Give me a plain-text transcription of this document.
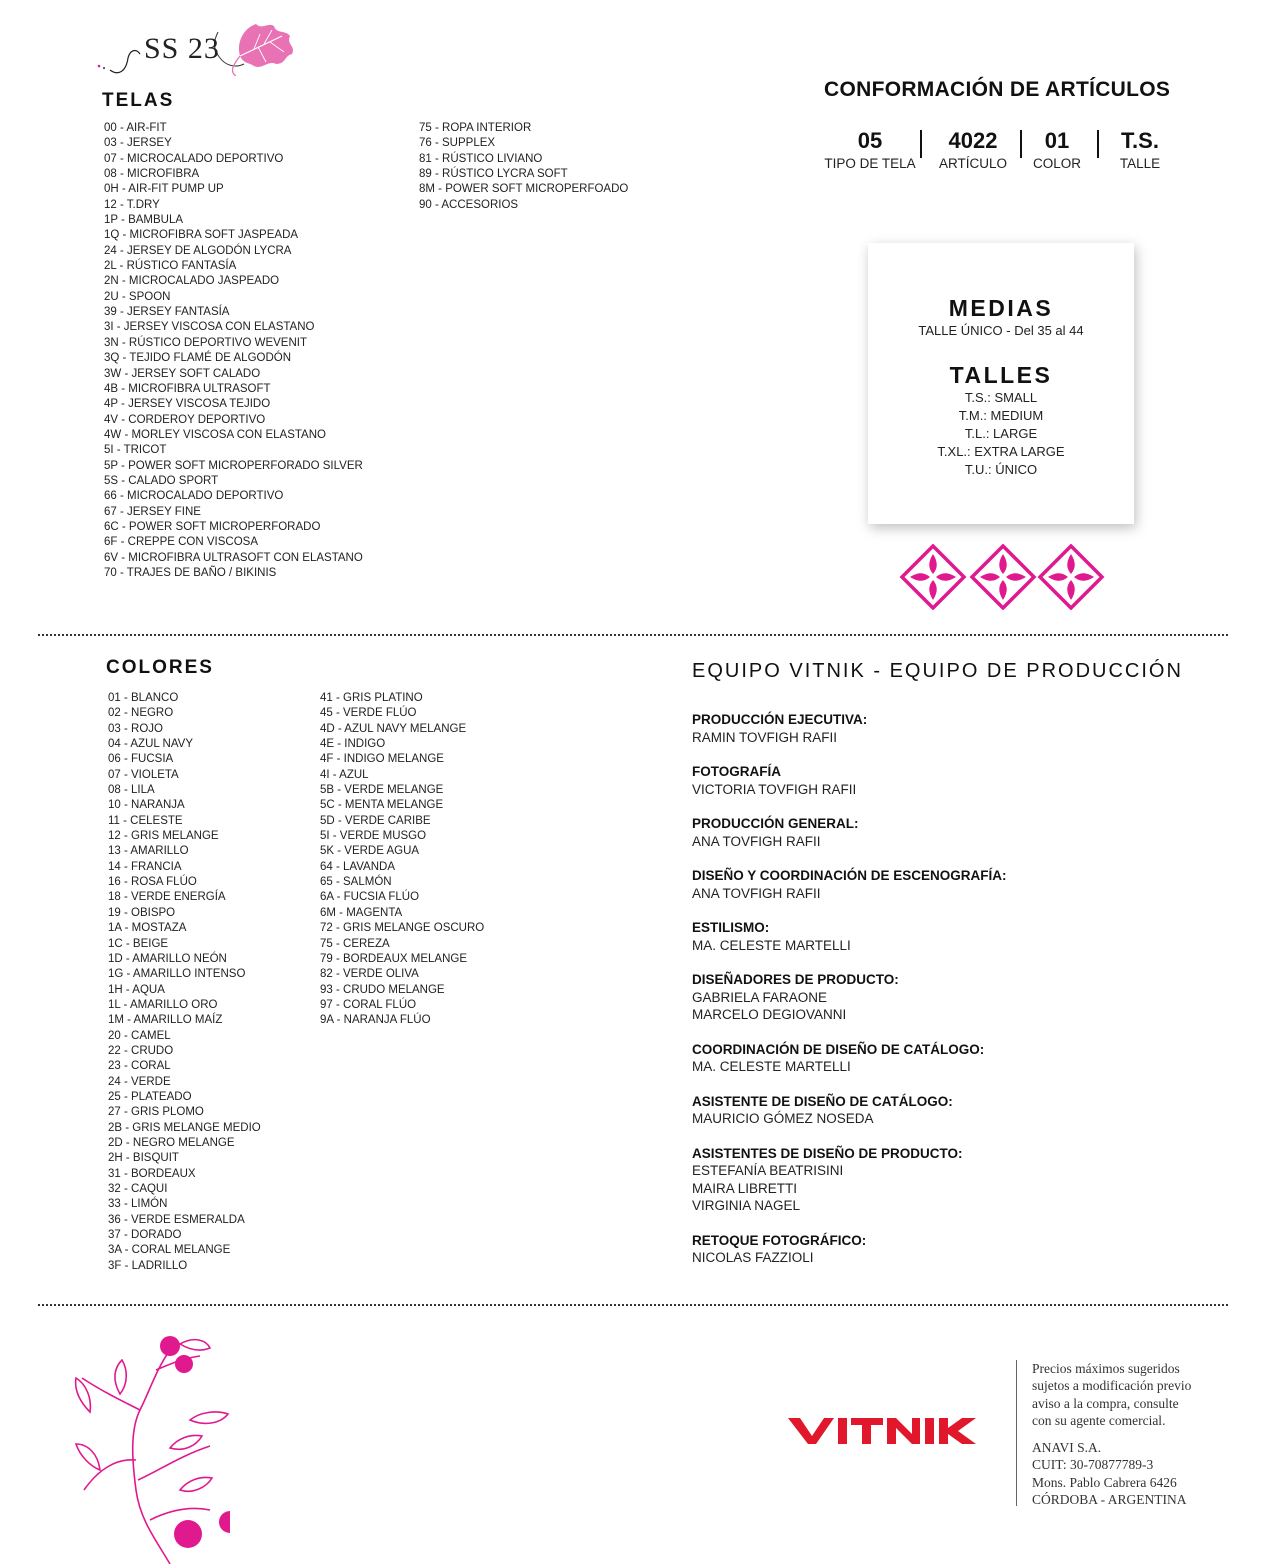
SS 23
TELAS
00 - AIR-FIT
03 - JERSEY
07 - MICROCALADO DEPORTIVO
08 - MICROFIBRA
0H - AIR-FIT PUMP UP
12 - T.DRY
1P - BAMBULA
1Q - MICROFIBRA SOFT JASPEADA
24 - JERSEY DE ALGODÓN LYCRA
2L - RÚSTICO FANTASÍA
2N - MICROCALADO JASPEADO
2U - SPOON
39 - JERSEY FANTASÍA
3I - JERSEY VISCOSA CON ELASTANO
3N - RÚSTICO DEPORTIVO WEVENIT
3Q - TEJIDO FLAMÉ DE ALGODÓN
3W - JERSEY SOFT CALADO
4B - MICROFIBRA ULTRASOFT
4P - JERSEY VISCOSA TEJIDO
4V - CORDEROY DEPORTIVO
4W - MORLEY VISCOSA CON ELASTANO
5I - TRICOT
5P - POWER SOFT MICROPERFORADO SILVER
5S - CALADO SPORT
66 - MICROCALADO DEPORTIVO
67 - JERSEY FINE
6C - POWER SOFT MICROPERFORADO
6F - CREPPE CON VISCOSA
6V - MICROFIBRA ULTRASOFT CON ELASTANO
70 - TRAJES DE BAÑO / BIKINIS
75 - ROPA INTERIOR
76 - SUPPLEX
81 - RÚSTICO LIVIANO
89 - RÚSTICO LYCRA SOFT
8M - POWER SOFT MICROPERFOADO
90 - ACCESORIOS
CONFORMACIÓN DE ARTÍCULOS
05
TIPO DE TELA
4022
ARTÍCULO
01
COLOR
T.S.
TALLE
MEDIAS
TALLE ÚNICO - Del 35 al 44
TALLES
T.S.: SMALL
T.M.: MEDIUM
T.L.: LARGE
T.XL.: EXTRA LARGE
T.U.: ÚNICO
COLORES
01 - BLANCO
02 - NEGRO
03 - ROJO
04 - AZUL NAVY
06 - FUCSIA
07 - VIOLETA
08 - LILA
10 - NARANJA
11 - CELESTE
12 - GRIS MELANGE
13 - AMARILLO
14 - FRANCIA
16 - ROSA FLÚO
18 - VERDE ENERGÍA
19 - OBISPO
1A - MOSTAZA
1C - BEIGE
1D - AMARILLO NEÓN
1G - AMARILLO INTENSO
1H - AQUA
1L - AMARILLO ORO
1M - AMARILLO MAÍZ
20 - CAMEL
22 - CRUDO
23 - CORAL
24 - VERDE
25 - PLATEADO
27 - GRIS PLOMO
2B - GRIS MELANGE MEDIO
2D - NEGRO MELANGE
2H - BISQUIT
31 - BORDEAUX
32 - CAQUI
33 - LIMÓN
36 - VERDE ESMERALDA
37 - DORADO
3A - CORAL MELANGE
3F - LADRILLO
41 - GRIS PLATINO
45 - VERDE FLÚO
4D - AZUL NAVY MELANGE
4E - INDIGO
4F - INDIGO MELANGE
4I - AZUL
5B - VERDE MELANGE
5C - MENTA MELANGE
5D - VERDE CARIBE
5I - VERDE MUSGO
5K - VERDE AGUA
64 - LAVANDA
65 - SALMÓN
6A - FUCSIA FLÚO
6M - MAGENTA
72 - GRIS MELANGE OSCURO
75 - CEREZA
79 - BORDEAUX MELANGE
82 - VERDE OLIVA
93 - CRUDO MELANGE
97 - CORAL FLÚO
9A - NARANJA FLÚO
EQUIPO VITNIK - EQUIPO DE PRODUCCIÓN
PRODUCCIÓN EJECUTIVA:
RAMIN TOVFIGH RAFII
FOTOGRAFÍA
VICTORIA TOVFIGH RAFII
PRODUCCIÓN GENERAL:
ANA TOVFIGH RAFII
DISEÑO Y COORDINACIÓN DE ESCENOGRAFÍA:
ANA TOVFIGH RAFII
ESTILISMO:
MA. CELESTE MARTELLI
DISEÑADORES DE PRODUCTO:
GABRIELA FARAONE
MARCELO DEGIOVANNI
COORDINACIÓN DE DISEÑO DE CATÁLOGO:
MA. CELESTE MARTELLI
ASISTENTE DE DISEÑO DE CATÁLOGO:
MAURICIO GÓMEZ NOSEDA
ASISTENTES DE DISEÑO DE PRODUCTO:
ESTEFANÍA BEATRISINI
MAIRA LIBRETTI
VIRGINIA NAGEL
RETOQUE FOTOGRÁFICO:
NICOLAS FAZZIOLI
Precios máximos sugeridos
sujetos a modificación previo
aviso a la compra, consulte
con su agente comercial.
ANAVI S.A.
CUIT: 30-70877789-3
Mons. Pablo Cabrera 6426
CÓRDOBA - ARGENTINA
